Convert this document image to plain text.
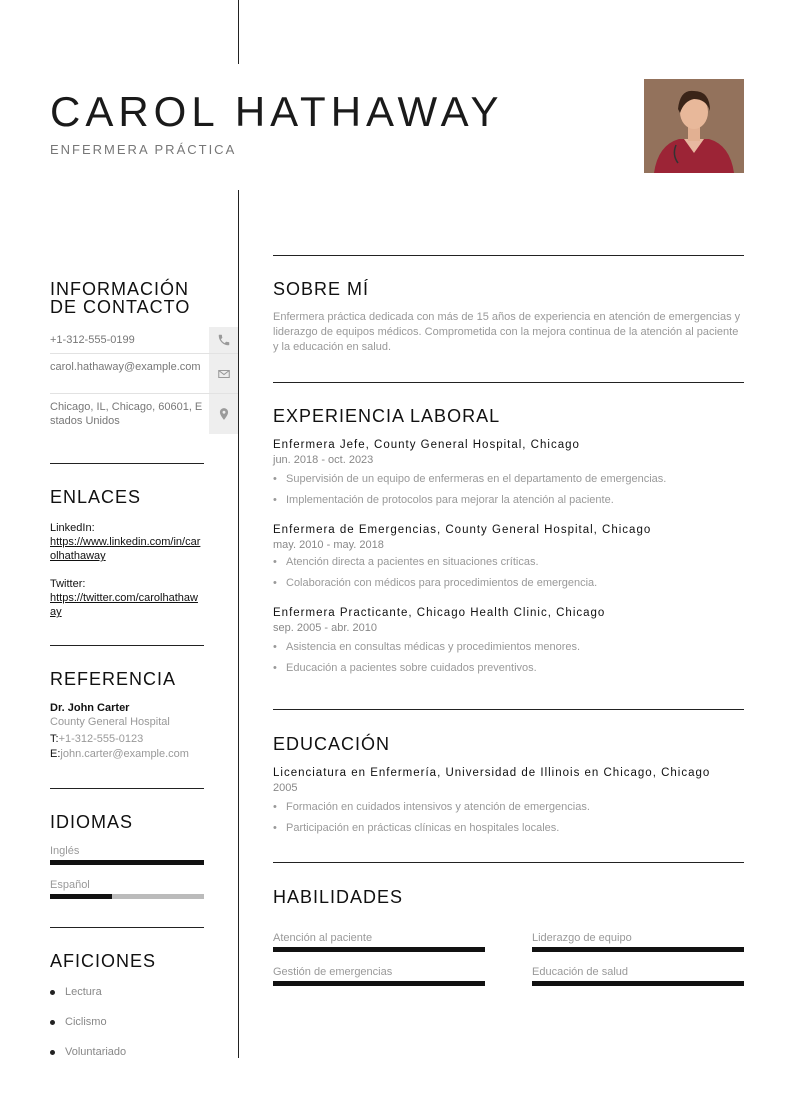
CAROL HATHAWAY
ENFERMERA PRÁCTICA
INFORMACIÓN DE CONTACTO
+1-312-555-0199
carol.hathaway@example.com
Chicago, IL, Chicago, 60601, Estados Unidos
ENLACES
LinkedIn:
https://www.linkedin.com/in/carolhathaway
Twitter:
https://twitter.com/carolhathaway
REFERENCIA
Dr. John Carter
County General Hospital
T:+1-312-555-0123
E:john.carter@example.com
IDIOMAS
Inglés
Español
AFICIONES
Lectura
Ciclismo
Voluntariado
SOBRE MÍ
Enfermera práctica dedicada con más de 15 años de experiencia en atención de emergencias y liderazgo de equipos médicos. Comprometida con la mejora continua de la atención al paciente y la educación en salud.
EXPERIENCIA LABORAL
Enfermera Jefe, County General Hospital, Chicago
jun. 2018 - oct. 2023
• Supervisión de un equipo de enfermeras en el departamento de emergencias.
• Implementación de protocolos para mejorar la atención al paciente.
Enfermera de Emergencias, County General Hospital, Chicago
may. 2010 - may. 2018
• Atención directa a pacientes en situaciones críticas.
• Colaboración con médicos para procedimientos de emergencia.
Enfermera Practicante, Chicago Health Clinic, Chicago
sep. 2005 - abr. 2010
• Asistencia en consultas médicas y procedimientos menores.
• Educación a pacientes sobre cuidados preventivos.
EDUCACIÓN
Licenciatura en Enfermería, Universidad de Illinois en Chicago, Chicago
2005
• Formación en cuidados intensivos y atención de emergencias.
• Participación en prácticas clínicas en hospitales locales.
HABILIDADES
Atención al paciente	Liderazgo de equipo
Gestión de emergencias	Educación de salud
